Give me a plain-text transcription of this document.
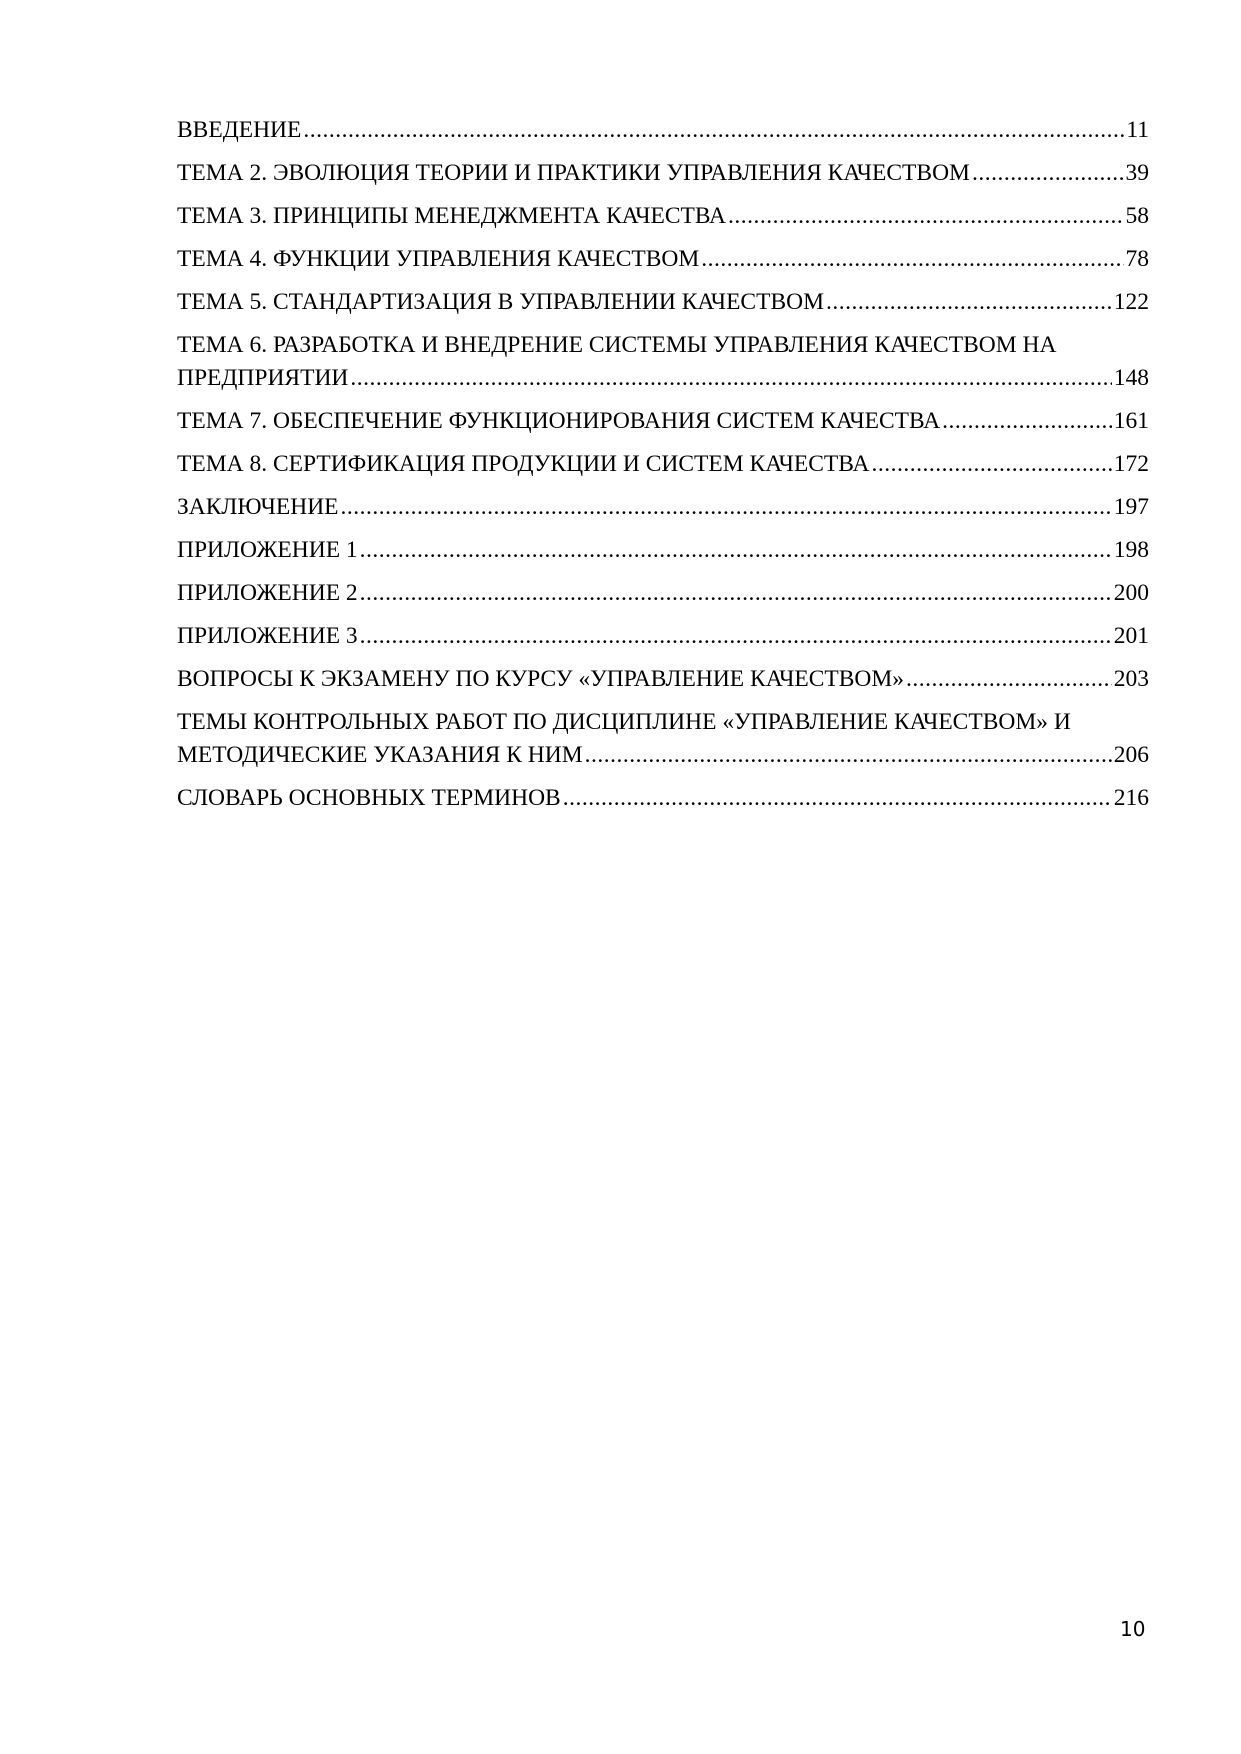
ВВЕДЕНИЕ .....	11
ТЕМА 2. ЭВОЛЮЦИЯ ТЕОРИИ И ПРАКТИКИ УПРАВЛЕНИЯ КАЧЕСТВОМ .....	39
ТЕМА 3. ПРИНЦИПЫ МЕНЕДЖМЕНТА КАЧЕСТВА .....	58
ТЕМА 4. ФУНКЦИИ УПРАВЛЕНИЯ КАЧЕСТВОМ .....	78
ТЕМА 5. СТАНДАРТИЗАЦИЯ В УПРАВЛЕНИИ КАЧЕСТВОМ .....	122
ТЕМА 6. РАЗРАБОТКА И ВНЕДРЕНИЕ СИСТЕМЫ УПРАВЛЕНИЯ КАЧЕСТВОМ НА
ПРЕДПРИЯТИИ .....	148
ТЕМА 7. ОБЕСПЕЧЕНИЕ ФУНКЦИОНИРОВАНИЯ СИСТЕМ КАЧЕСТВА .....	161
ТЕМА 8. СЕРТИФИКАЦИЯ ПРОДУКЦИИ И СИСТЕМ КАЧЕСТВА .....	172
ЗАКЛЮЧЕНИЕ .....	197
ПРИЛОЖЕНИЕ 1 .....	198
ПРИЛОЖЕНИЕ 2 .....	200
ПРИЛОЖЕНИЕ 3 .....	201
ВОПРОСЫ К ЭКЗАМЕНУ ПО КУРСУ «УПРАВЛЕНИЕ КАЧЕСТВОМ» .....	203
ТЕМЫ КОНТРОЛЬНЫХ РАБОТ ПО ДИСЦИПЛИНЕ «УПРАВЛЕНИЕ КАЧЕСТВОМ» И
МЕТОДИЧЕСКИЕ УКАЗАНИЯ К НИМ .....	206
СЛОВАРЬ ОСНОВНЫХ ТЕРМИНОВ .....	216
10
